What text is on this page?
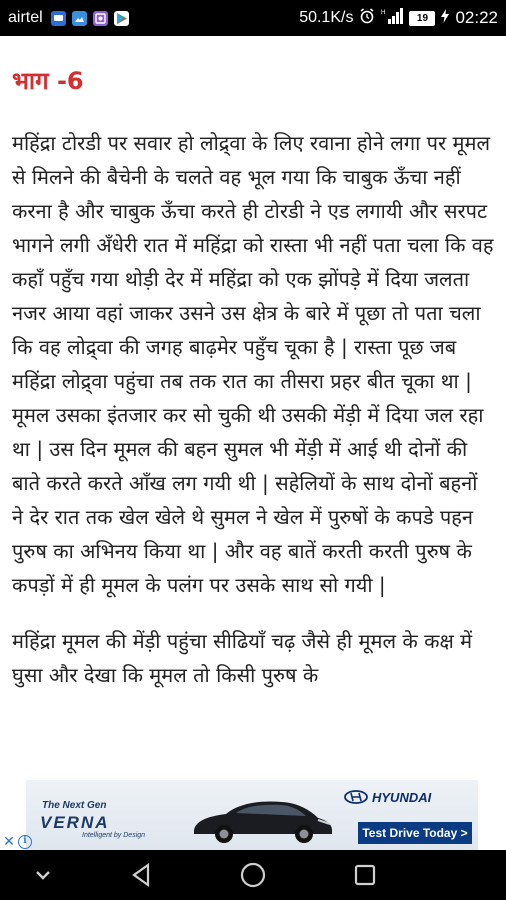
airtel	50.1K/s	H	19	02:22
भाग -6

महिंद्रा टोरडी पर सवार हो लोद्र्वा के लिए रवाना होने लगा पर मूमल से मिलने की बैचेनी के चलते वह भूल गया कि चाबुक ऊँचा नहीं करना है और चाबुक ऊँचा करते ही टोरडी ने एड लगायी और सरपट भागने लगी अँधेरी रात में महिंद्रा को रास्ता भी नहीं पता चला कि वह कहाँ पहुँच गया थोड़ी देर में महिंद्रा को एक झोंपड़े में दिया जलता नजर आया वहां जाकर उसने उस क्षेत्र के बारे में पूछा तो पता चला कि वह लोद्र्वा की जगह बाढ़मेर पहुँच चूका है | रास्ता पूछ जब महिंद्रा लोद्र्वा पहुंचा तब तक रात का तीसरा प्रहर बीत चूका था | मूमल उसका इंतजार कर सो चुकी थी उसकी मेंड़ी में दिया जल रहा था | उस दिन मूमल की बहन सुमल भी मेंड़ी में आई थी दोनों की बाते करते करते आँख लग गयी थी | सहेलियों के साथ दोनों बहनों ने देर रात तक खेल खेले थे सुमल ने खेल में पुरुषों के कपडे पहन पुरुष का अभिनय किया था | और वह बातें करती करती पुरुष के कपड़ों में ही मूमल के पलंग पर उसके साथ सो गयी |

महिंद्रा मूमल की मेंड़ी पहुंचा सीढियाँ चढ़ जैसे ही मूमल के कक्ष में घुसा और देखा कि मूमल तो किसी पुरुष के

The Next Gen
VERNA
Intelligent by Design
HYUNDAI
Test Drive Today >
✕ i
